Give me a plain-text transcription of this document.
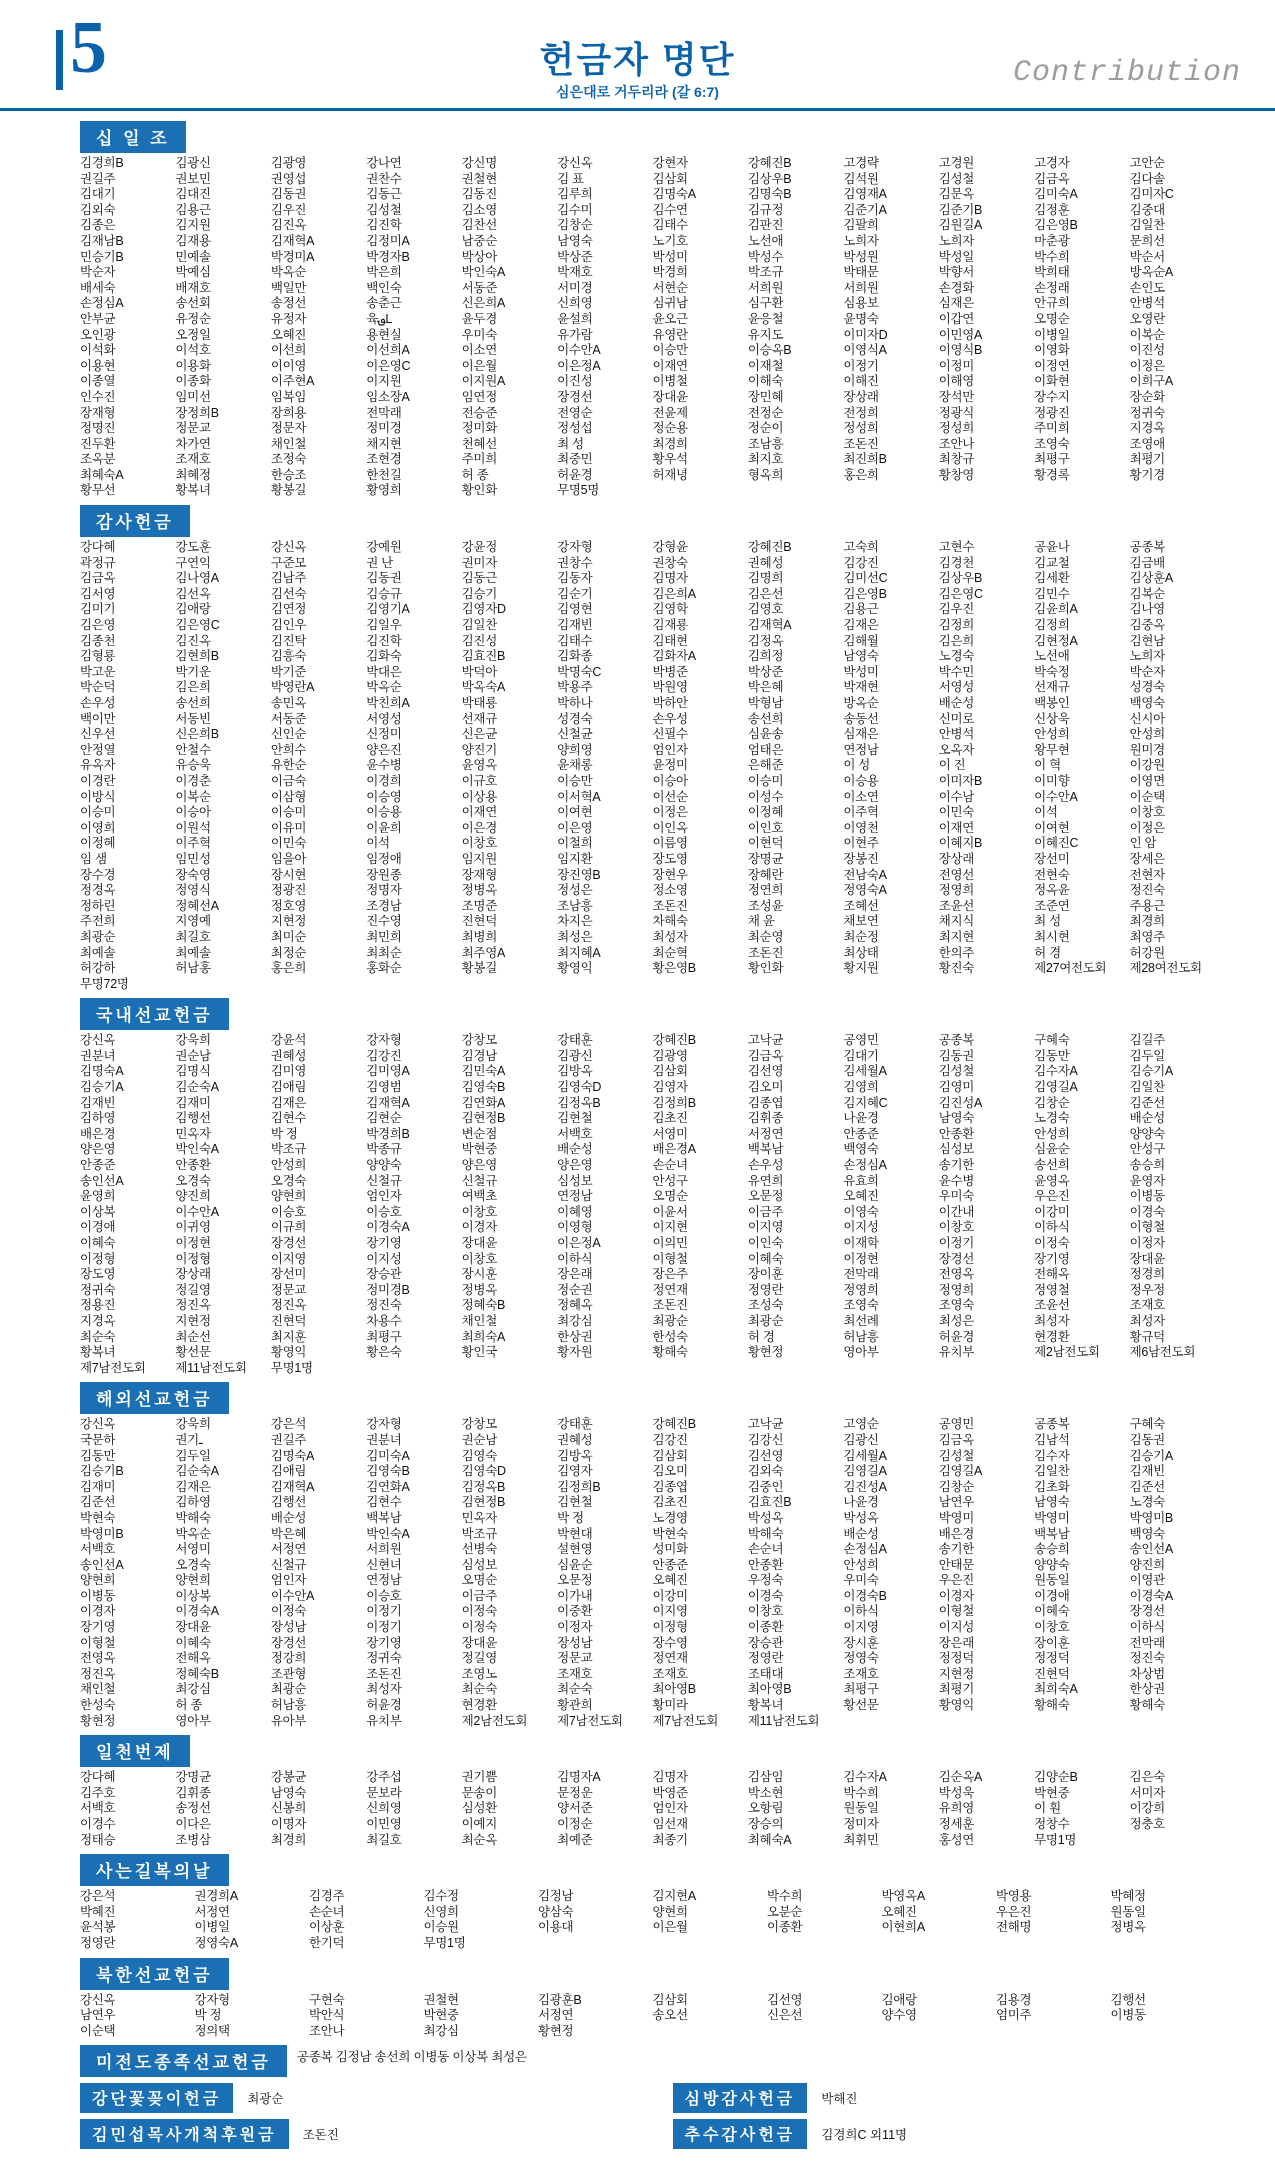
5	헌금자 명단
심은대로 거두리라 (갈 6:7)
Contribution
십 일 조
김경희B	김광신	김광영	강나연	강신명	강신옥	강현자	강혜진B	고경략	고경원	고경자	고안순
권길주	권보민	권영섭	권찬수	권철현	김 표	김삼회	김상우B	김석원	김성철	김금옥	김다솔
김대기	김대진	김동권	김동근	김동진	김루희	김명숙A	김명숙B	김영재A	김문옥	김미숙A	김미자C
김외숙	김용근	김우진	김성철	김소영	김수미	김수연	김규정	김준기A	김준기B	김정훈	김중대
김종은	김지원	김진옥	김진학	김찬선	김창순	김태수	김판진	김팔희	김원길A	김은영B	김일찬
김재남B	김재용	김재혁A	김정미A	남중순	남영숙	노기호	노선애	노희자	노희자	마춘광	문희선
민승기B	민예솔	박경미A	박경자B	박상아	박상준	박성미	박성수	박성원	박성일	박수희	박순서
박순자	박예심	박옥순	박은희	박인숙A	박재호	박경희	박조규	박태문	박향서	박희태	방옥순A
배세숙	배재호	백일만	백인숙	서동준	서미경	서현순	서희원	서희원	손경화	손정래	손인도
손정심A	송선회	송정선	송춘근	신은희A	신희영	심귀남	심구환	심용보	심재은	안규희	안병석
안부균	유정순	유정자	육؈L	윤두경	윤설희	윤오근	윤응철	윤명숙	이갑연	오명순	오영란
오인광	오정일	오혜진	용현실	우미숙	유가람	유영란	유지도	이미자D	이민영A	이병일	이복순
이석화	이석호	이선희	이선희A	이소연	이수안A	이승만	이승옥B	이영식A	이영식B	이영화	이진성
이용현	이용화	이이영	이은영C	이은월	이은정A	이재연	이재철	이정기	이정미	이정연	이정은
이종열	이종화	이주현A	이지원	이지원A	이진성	이병철	이해숙	이해진	이해영	이화현	이희구A
인수진	임미선	임복임	임소장A	임연정	장경선	장대윤	장민혜	장상래	장석만	장수지	장순화
장재형	장정희B	장희용	전막래	전승준	전영순	전윤제	전정순	전정희	정광식	정광진	정귀숙
정명진	정문교	정문자	정미경	정미화	정성섭	정순용	정순이	정성희	정성희	주미희	지경옥
진두환	차가연	채인철	채지현	천혜선	최 성	최경희	조남흥	조돈진	조안나	조영숙	조영애
조옥분	조재호	조정숙	조현경	주미희	최중민	황우석	최지호	최진희B	최창규	최평구	최평기
최혜숙A	최혜정	한승조	한천길	허 종	허윤경	허재녕	형옥희	홍은희	황창영	황경록	황기경
황무선	황복녀	황봉길	황영희	황인화	무명5명
감사헌금
강다혜	강도훈	강신옥	강예원	강윤정	강자형	강형윤	강혜진B	고숙희	고현수	공윤나	공종복
곽정규	구연익	구준모	권 난	권미자	권창수	권창숙	권혜성	김강진	김경천	김교철	김금배
김금옥	김나영A	김남주	김동권	김동근	김동자	김명자	김명희	김미선C	김상우B	김세환	김상훈A
김서영	김선옥	김선숙	김승규	김승기	김순기	김은희A	김은선	김은영B	김은영C	김민수	김복순
김미기	김애랑	김연정	김영기A	김영자D	김영현	김영학	김영호	김용근	김우진	김윤희A	김나영
김은영	김은영C	김인우	김일우	김일찬	김재빈	김재룡	김재혁A	김재은	김정희	김정희	김중옥
김종천	김진옥	김진탁	김진학	김진성	김태수	김태현	김정옥	김해월	김은희	김현정A	김현남
김형룡	김현희B	김흥숙	김화숙	김효진B	김화종	김화자A	김희정	남영숙	노경숙	노선애	노희자
박고운	박기운	박기준	박대은	박덕아	박명숙C	박병준	박상준	박성미	박수민	박숙정	박순자
박순덕	김은희	박영란A	박옥순	박옥숙A	박용주	박원영	박은혜	박재현	서영성	선재규	성경숙
손우성	송선희	송민옥	박친희A	박태룡	박하나	박하안	박형남	방옥순	배순성	백봉인	백영숙
백이만	서동빈	서동준	서영성	선재규	성경숙	손우성	송선희	송동선	신미로	신상욱	신시아
신우선	신은희B	신인순	신정미	신은균	신철균	신필수	심윤송	심재은	안병석	안성희	안성희
안정열	안철수	안희수	양은진	양진기	양희영	엄인자	엄태은	연정남	오옥자	왕무현	원미경
유옥자	유승욱	유한순	윤수병	윤영옥	윤채롱	윤정미	은해준	이 성	이 진	이 혁	이강원
이경란	이경춘	이금숙	이경희	이규호	이승만	이승아	이승미	이승용	이미자B	이미향	이영면
이방식	이복순	이삼형	이승영	이상용	이서혁A	이선순	이성수	이소연	이수남	이수안A	이순택
이승미	이승아	이승미	이승용	이재연	이여현	이정은	이정혜	이주혁	이민숙	이석	이창호
이영희	이원석	이유미	이윤희	이은경	이은영	이인옥	이인호	이영천	이재연	이여현	이정은
이정혜	이주혁	이민숙	이석	이창호	이철희	이름영	이현덕	이현주	이혜지B	이혜진C	인 암
임 샘	임민성	임을아	임정애	임지원	임지환	장도영	장명균	장봉진	장상래	장선미	장세은
장수경	장숙영	장시현	장원종	장재형	장진영B	장현우	장혜란	전남숙A	전영선	전현숙	전현자
정경옥	정영식	정광진	정명자	정병옥	정성은	정소영	정연희	정영숙A	정영희	정옥윤	정진숙
정하린	정혜선A	정호영	조경남	조명준	조남흥	조돈진	조성윤	조혜선	조윤선	조준연	주용근
주전희	지영예	지현정	진수영	진현덕	차지은	차해숙	채 윤	채보연	채지식	최 성	최경희
최광순	최길호	최미순	최민희	최병희	최성은	최성자	최순영	최순정	최지현	최시현	최영주
최예솔	최예솔	최정순	최최순	최주영A	최지혜A	최순혁	조돈진	최상태	한의주	허 경	허강원
허강하	허남홍	홍은희	홍화순	황봉길	황영익	황은영B	황인화	황지원	황진숙	제27여전도회	제28여전도회
무명72명
국내선교헌금
강신옥	강욱희	강윤석	강자형	강창모	강태훈	강혜진B	고낙균	공영민	공종복	구혜숙	김길주
권분녀	권순남	권혜성	김강진	김경남	김광신	김광영	김금옥	김대기	김동권	김동만	김두일
김명숙A	김명식	김미영	김미영A	김민숙A	김방옥	김삼회	김선영	김세월A	김성철	김수자A	김승기A
김승기A	김순숙A	김애림	김영범	김영숙B	김영숙D	김영자	김오미	김영희	김영미	김영길A	김일찬
김재빈	김재미	김재은	김재혁A	김연화A	김정옥B	김정희B	김종엽	김지혜C	김진성A	김창순	김준선
김하영	김행선	김현수	김현순	김현정B	김현철	김초진	김휘종	나윤경	남영숙	노경숙	배순성
배은경	민옥자	박 정	박경희B	변순점	서백호	서영미	서정연	안종준	안종환	안성희	양양숙
양은영	박인숙A	박조규	박종규	박현중	배순성	배은경A	백복남	백영숙	심성보	심윤순	안성구
안종준	안종환	안성희	양양숙	양은영	양은영	손순녀	손우성	손정심A	송기한	송선희	송승희
송인선A	오경숙	오경숙	신철규	신철규	심성보	안성구	유연희	유효희	윤수병	윤영옥	윤영자
윤영희	양진희	양현희	엄인자	여백초	연정남	오명순	오문정	오혜진	우미숙	우은진	이병동
이상복	이수안A	이승호	이승호	이창호	이혜영	이윤서	이금주	이영숙	이간내	이강미	이경숙
이경애	이귀영	이규희	이경숙A	이경자	이영형	이지현	이지영	이지성	이창호	이하식	이형철
이혜숙	이정현	장경선	장기영	장대윤	이은정A	이의민	이인숙	이재학	이정기	이정숙	이정자
이정형	이정형	이지영	이지성	이창호	이하식	이형철	이혜숙	이정현	장경선	장기영	장대윤
장도영	장상래	장선미	장승관	장시훈	장은래	장은주	장이훈	전막래	전영옥	전해옥	정경희
정귀숙	정길영	정문교	정미경B	정병옥	정순권	정연재	정영란	정영희	정영희	정영철	정우정
정용진	정진옥	정진옥	정진숙	정혜숙B	정혜옥	조돈진	조성숙	조영숙	조영숙	조윤선	조재호
지경옥	지현정	진현덕	차용수	채인철	최강심	최광순	최광순	최선례	최성은	최성자	최성자
최순숙	최순선	최지훈	최평구	최희숙A	한상권	한성숙	허 경	허남흥	허윤경	현경환	황규덕
황복녀	황선문	황영익	황은숙	황인국	황자원	황해숙	황현정	영아부	유치부	제2남전도회	제6남전도회
제7남전도회	제11남전도회	무명1명
해외선교헌금
강신옥	강욱희	강은석	강자형	강창모	강태훈	강혜진B	고낙균	고영순	공영민	공종복	구혜숙
국문하	권기ـ	권길주	권분녀	권순남	권혜성	김강진	김강신	김광신	김금옥	김남석	김동권
김동만	김두일	김명숙A	김미숙A	김영숙	김방옥	김삼회	김선영	김세월A	김성철	김수자	김승기A
김승기B	김순숙A	김애림	김영숙B	김영숙D	김영자	김오미	김외숙	김영길A	김영길A	김일찬	김재빈
김재미	김재은	김재혁A	김연화A	김정옥B	김정희B	김종엽	김중인	김진성A	김창순	김초화	김준선
김준선	김하영	김행선	김현수	김현정B	김현철	김초진	김효진B	나윤경	남연우	남영숙	노경숙
박현숙	박해숙	배순성	백복남	민옥자	박 정	노경영	박성옥	박성옥	박영미	박영미	박영미B
박영미B	박옥순	박은혜	박인숙A	박조규	박현대	박현숙	박해숙	배순성	배은경	백복남	백영숙
서백호	서영미	서정연	서희원	선병숙	설현영	성미화	손순녀	손정심A	송기한	송승희	송인선A
송인선A	오경숙	신철규	신현녀	심성보	심윤순	안종준	안종환	안성희	안태문	양양숙	양진희
양현희	양현희	엄인자	연정남	오명순	오문정	오혜진	우정숙	우미숙	우은진	원동일	이영관
이병동	이상복	이수안A	이승호	이금주	이가내	이강미	이경숙	이경숙B	이경자	이경애	이경숙A
이경자	이경숙A	이정숙	이정기	이정숙	이중환	이지영	이창호	이하식	이형철	이혜숙	장경선
장기영	장대윤	장성남	이정기	이정숙	이정자	이정형	이종환	이지영	이지성	이창호	이하식
이형철	이혜숙	장경선	장기영	장대윤	장성남	장수영	장승관	장시훈	장은래	장이훈	전막래
전영옥	전해옥	정강희	정귀숙	정길영	정문교	정연재	정영란	정영숙	정정덕	정정덕	정진숙
정진옥	정혜숙B	조관형	조돈진	조영노	조재호	조재호	조태대	조재호	지현정	진현덕	차상범
채인철	최강심	최광순	최성자	최순숙	최순숙	최아영B	최아영B	최평구	최평기	최희숙A	한상권
한성숙	허 종	허남흥	허윤경	현경환	황관희	황미라	황복녀	황선문	황영익	황해숙	황해숙
황현정	영아부	유아부	유치부	제2남전도회	제7남전도회	제7남전도회	제11남전도회
일천번제
강다혜	강명균	강봉균	강주섭	권기쁨	김명자A	김명자	김삼임	김수자A	김순옥A	김양순B	김은숙
김주호	김휘종	남영숙	문보라	문송이	문정운	박영준	박소현	박수희	박성욱	박현중	서미자
서백호	송정선	신봉희	신희영	심성환	양서준	엄인자	오항림	원동일	유희영	이 훤	이강희
이경수	이다은	이명자	이민영	이예지	이정순	임선재	장승의	정미자	정세훈	정창수	정충호
정태승	조병삼	최경희	최길호	최순옥	최예준	최종기	최혜숙A	최휘민	홍성연	무명1명
사는길복의날
강은석	권경희A	김경주	김수정	김정남	김지현A	박수희	박영옥A	박영용	박혜정
박혜진	서정연	손순녀	신영희	양삼숙	양현희	오분순	오혜진	우은진	원동일
윤석봉	이병일	이상훈	이승원	이용대	이은월	이종환	이현희A	전해명	정병옥
정영란	정영숙A	한기덕	무명1명
북한선교헌금
강신옥	강자형	구현숙	권철현	김광훈B	김삼회	김선영	김애랑	김용경	김행선
남연우	박 정	박안식	박현중	서정연	송오선	신은선	양수영	엄미주	이병동
이순택	정의택	조안나	최강심	황현정
미전도종족선교헌금	공종복 김정남 송선희 이병동 이상복 최성은
강단꽃꽂이헌금	최광순	심방감사헌금	박해진
김민섭목사개척후원금	조돈진	추수감사헌금	김경희C 외11명
